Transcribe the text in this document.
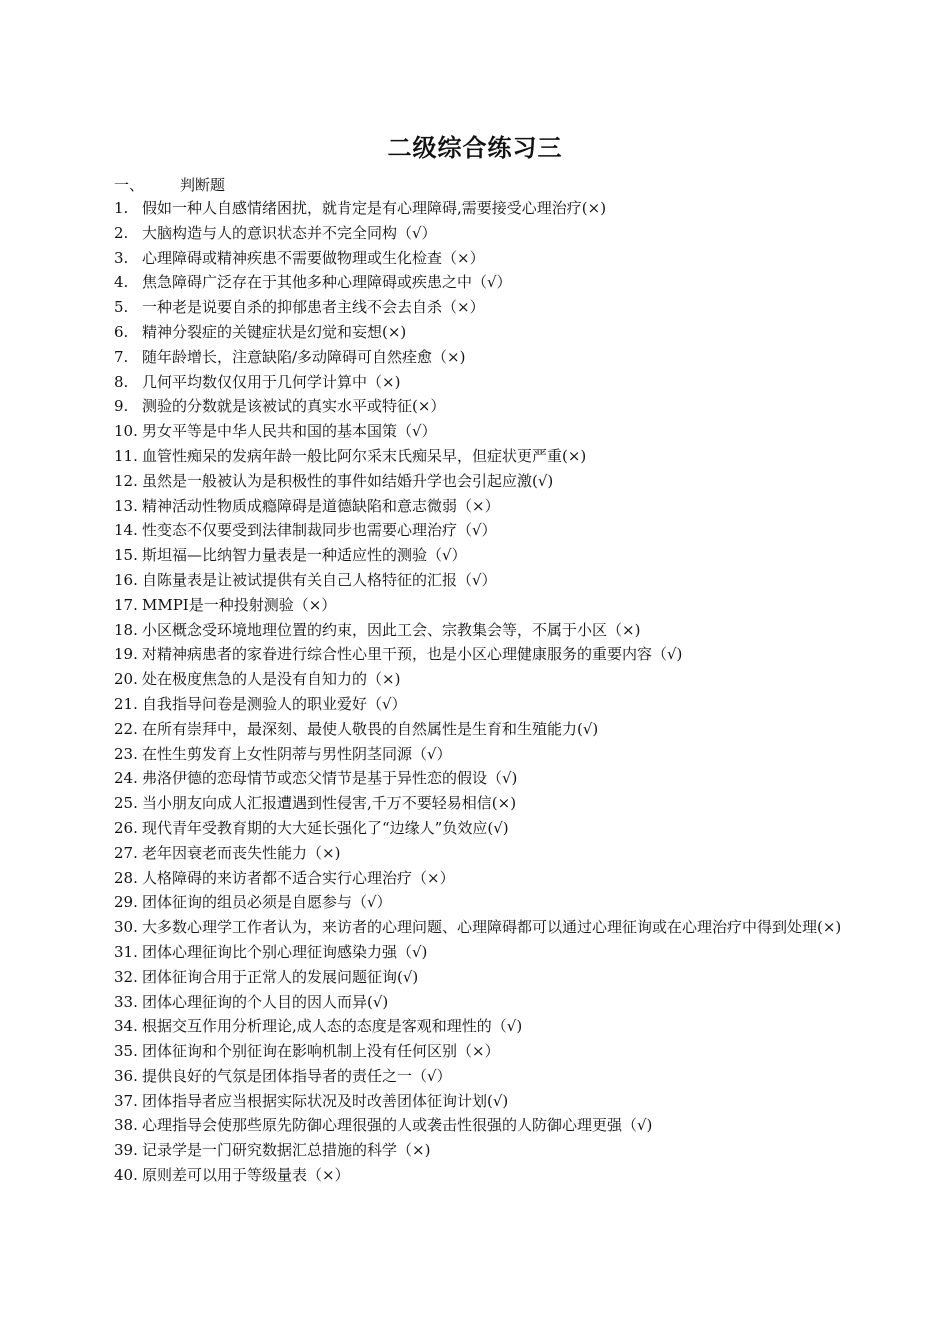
二级综合练习三
一、 判断题
1. 假如一种人自感情绪困扰，就肯定是有心理障碍,需要接受心理治疗(×)
2. 大脑构造与人的意识状态并不完全同构（√）
3. 心理障碍或精神疾患不需要做物理或生化检查（×）
4. 焦急障碍广泛存在于其他多种心理障碍或疾患之中（√）
5. 一种老是说要自杀的抑郁患者主线不会去自杀（×）
6. 精神分裂症的关键症状是幻觉和妄想(×)
7. 随年龄增长，注意缺陷/多动障碍可自然痊愈（×)
8. 几何平均数仅仅用于几何学计算中（×)
9. 测验的分数就是该被试的真实水平或特征(×）
10. 男女平等是中华人民共和国的基本国策（√）
11. 血管性痴呆的发病年龄一般比阿尔采末氏痴呆早，但症状更严重(×)
12. 虽然是一般被认为是积极性的事件如结婚升学也会引起应激(√)
13. 精神活动性物质成瘾障碍是道德缺陷和意志微弱（×）
14. 性变态不仅要受到法律制裁同步也需要心理治疗（√）
15. 斯坦福—比纳智力量表是一种适应性的测验（√）
16. 自陈量表是让被试提供有关自己人格特征的汇报（√）
17. MMPI是一种投射测验（×）
18. 小区概念受环境地理位置的约束，因此工会、宗教集会等，不属于小区（×)
19. 对精神病患者的家眷进行综合性心里干预，也是小区心理健康服务的重要内容（√)
20. 处在极度焦急的人是没有自知力的（×)
21. 自我指导问卷是测验人的职业爱好（√）
22. 在所有崇拜中，最深刻、最使人敬畏的自然属性是生育和生殖能力(√)
23. 在性生剪发育上女性阴蒂与男性阴茎同源（√）
24. 弗洛伊德的恋母情节或恋父情节是基于异性恋的假设（√)
25. 当小朋友向成人汇报遭遇到性侵害,千万不要轻易相信(×)
26. 现代青年受教育期的大大延长强化了“边缘人”负效应(√)
27. 老年因衰老而丧失性能力（×)
28. 人格障碍的来访者都不适合实行心理治疗（×）
29. 团体征询的组员必须是自愿参与（√）
30. 大多数心理学工作者认为，来访者的心理问题、心理障碍都可以通过心理征询或在心理治疗中得到处理(×)
31. 团体心理征询比个别心理征询感染力强（√)
32. 团体征询合用于正常人的发展问题征询(√)
33. 团体心理征询的个人目的因人而异(√)
34. 根据交互作用分析理论,成人态的态度是客观和理性的（√)
35. 团体征询和个别征询在影响机制上没有任何区别（×）
36. 提供良好的气氛是团体指导者的责任之一（√）
37. 团体指导者应当根据实际状况及时改善团体征询计划(√)
38. 心理指导会使那些原先防御心理很强的人或袭击性很强的人防御心理更强（√)
39. 记录学是一门研究数据汇总措施的科学（×)
40. 原则差可以用于等级量表（×）
